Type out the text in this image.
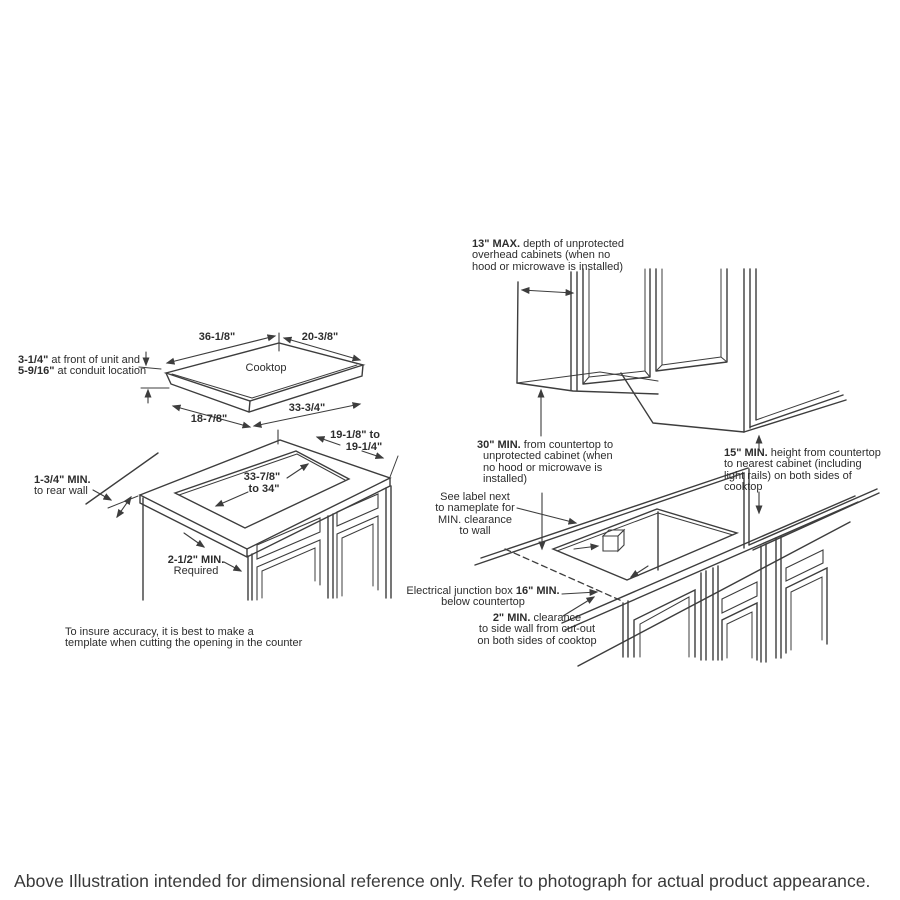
3-1/4" at front of unit and
5-9/16" at conduit location
36-1/8"	20-3/8"
Cooktop
18-7/8"
33-3/4"
19-1/8" to
19-1/4"
1-3/4" MIN.
to rear wall
33-7/8"
to 34"
2-1/2" MIN.
Required
To insure accuracy, it is best to make a
template when cutting the opening in the counter
13" MAX. depth of unprotected
overhead cabinets (when no
hood or microwave is installed)
30" MIN. from countertop to
unprotected cabinet (when
no hood or microwave is
installed)
See label next
to nameplate for
MIN. clearance
to wall
15" MIN. height from countertop
to nearest cabinet (including
light rails) on both sides of
cooktop
Electrical junction box 16" MIN.
below countertop
2" MIN. clearance
to side wall from cut-out
on both sides of cooktop
Above Illustration intended for dimensional reference only. Refer to photograph for actual product appearance.
